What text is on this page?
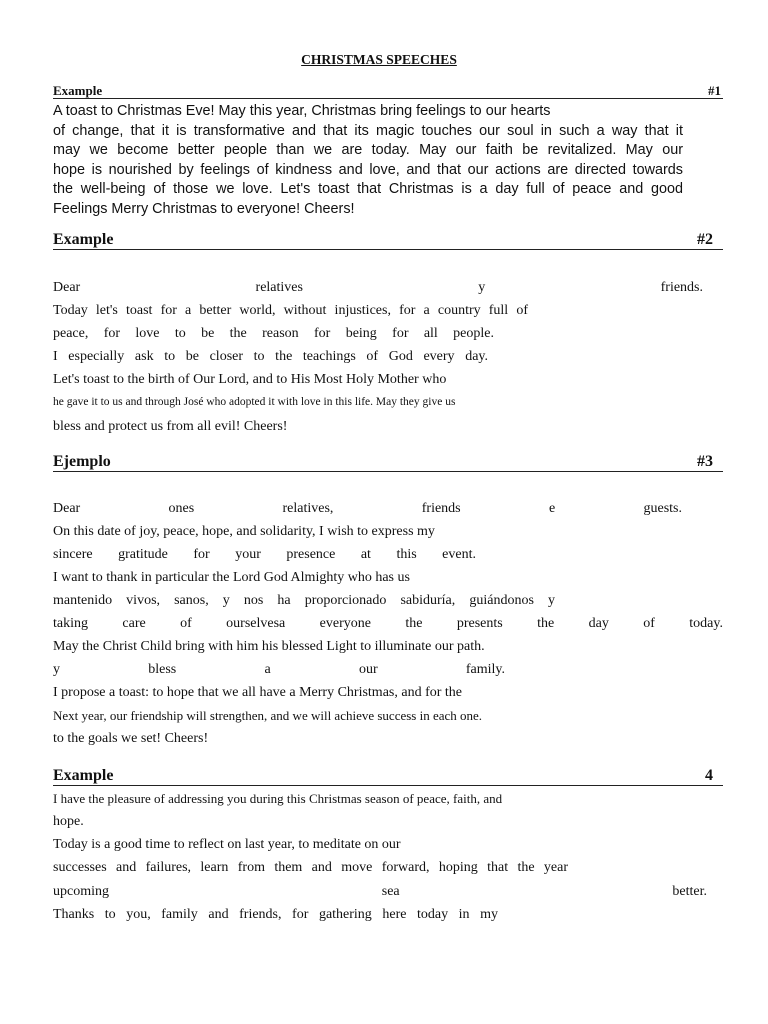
CHRISTMAS SPEECHES
Example	#1
A toast to Christmas Eve! May this year, Christmas bring feelings to our hearts
of change, that it is transformative and that its magic touches our soul in such a way that it
may we become better people than we are today. May our faith be revitalized. May our
hope is nourished by feelings of kindness and love, and that our actions are directed towards
the well-being of those we love. Let's toast that Christmas is a day full of peace and good
Feelings Merry Christmas to everyone! Cheers!
Example	#2
Dear relatives y friends.
Today let's toast for a better world, without injustices, for a country full of
peace, for love to be the reason for being for all people.
I especially ask to be closer to the teachings of God every day.
Let's toast to the birth of Our Lord, and to His Most Holy Mother who
he gave it to us and through José who adopted it with love in this life. May they give us
bless and protect us from all evil! Cheers!
Ejemplo	#3
Dear ones relatives, friends e guests.
On this date of joy, peace, hope, and solidarity, I wish to express my
sincere gratitude for your presence at this event.
I want to thank in particular the Lord God Almighty who has us
mantenido vivos, sanos, y nos ha proporcionado sabiduría, guiándonos y
taking care of ourselvesa everyone the presents the day of today.
May the Christ Child bring with him his blessed Light to illuminate our path.
y bless a our family.
I propose a toast: to hope that we all have a Merry Christmas, and for the
Next year, our friendship will strengthen, and we will achieve success in each one.
to the goals we set! Cheers!
Example	4
I have the pleasure of addressing you during this Christmas season of peace, faith, and
hope.
Today is a good time to reflect on last year, to meditate on our
successes and failures, learn from them and move forward, hoping that the year
upcoming sea better.
Thanks to you, family and friends, for gathering here today in my
